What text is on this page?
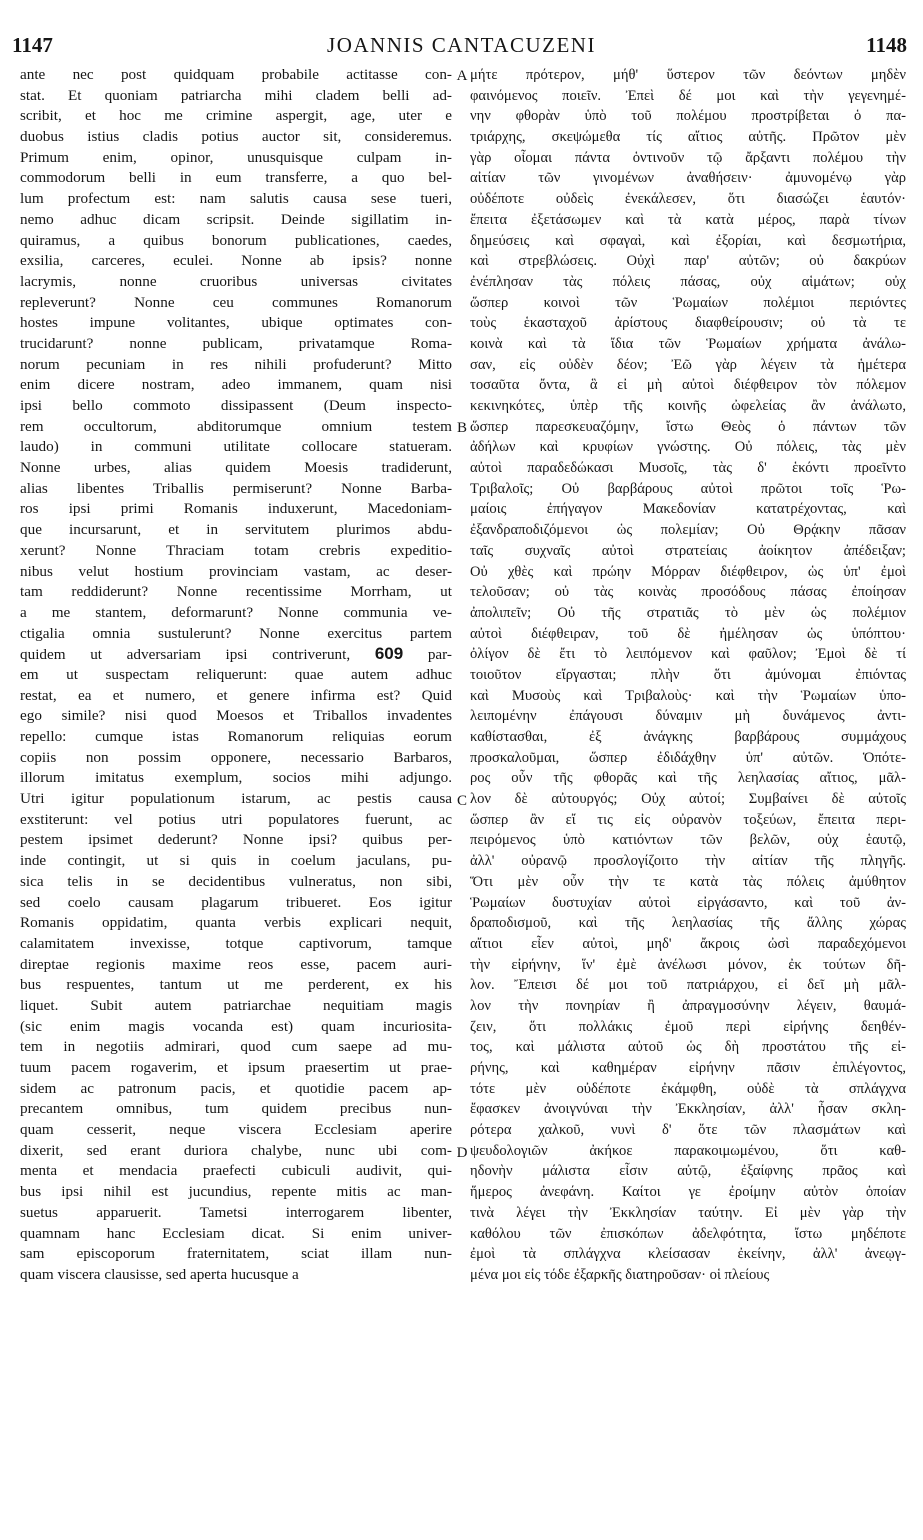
1147	JOANNIS CANTACUZENI	1148
ante nec post quidquam probabile actitasse con-
stat. Et quoniam patriarcha mihi cladem belli ad-
scribit, et hoc me crimine aspergit, age, uter e
duobus istius cladis potius auctor sit, consideremus.
Primum enim, opinor, unusquisque culpam in-
commodorum belli in eum transferre, a quo bel-
lum profectum est: nam salutis causa sese tueri,
nemo adhuc dicam scripsit. Deinde sigillatim in-
quiramus, a quibus bonorum publicationes, caedes,
exsilia, carceres, eculei. Nonne ab ipsis? nonne
lacrymis, nonne cruoribus universas civitates
repleverunt? Nonne ceu communes Romanorum
hostes impune volitantes, ubique optimates con-
trucidarunt? nonne publicam, privatamque Roma-
norum pecuniam in res nihili profuderunt? Mitto
enim dicere nostram, adeo immanem, quam nisi
ipsi bello commoto dissipassent (Deum inspecto-
rem occultorum, abditorumque omnium testem
laudo) in communi utilitate collocare statueram.
Nonne urbes, alias quidem Moesis tradiderunt,
alias libentes Triballis permiserunt? Nonne Barba-
ros ipsi primi Romanis induxerunt, Macedoniam-
que incursarunt, et in servitutem plurimos abdu-
xerunt? Nonne Thraciam totam crebris expeditio-
nibus velut hostium provinciam vastam, ac deser-
tam reddiderunt? Nonne recentissime Morrham, ut
a me stantem, deformarunt? Nonne communia ve-
ctigalia omnia sustulerunt? Nonne exercitus partem
quidem ut adversariam ipsi contriverunt, 609 par-
em ut suspectam reliquerunt: quae autem adhuc
restat, ea et numero, et genere infirma est? Quid
ego simile? nisi quod Moesos et Triballos invadentes
repello: cumque istas Romanorum reliquias eorum
copiis non possim opponere, necessario Barbaros,
illorum imitatus exemplum, socios mihi adjungo.
Utri igitur populationum istarum, ac pestis causa
exstiterunt: vel potius utri populatores fuerunt, ac
pestem ipsimet dederunt? Nonne ipsi? quibus per-
inde contingit, ut si quis in coelum jaculans, pu-
sica telis in se decidentibus vulneratus, non sibi,
sed coelo causam plagarum tribueret. Eos igitur
Romanis oppidatim, quanta verbis explicari nequit,
calamitatem invexisse, totque captivorum, tamque
direptae regionis maxime reos esse, pacem auri-
bus respuentes, tantum ut me perderent, ex his
liquet. Subit autem patriarchae nequitiam magis
(sic enim magis vocanda est) quam incuriosita-
tem in negotiis admirari, quod cum saepe ad mu-
tuum pacem rogaverim, et ipsum praesertim ut prae-
sidem ac patronum pacis, et quotidie pacem ap-
precantem omnibus, tum quidem precibus nun-
quam cesserit, neque viscera Ecclesiam aperire
dixerit, sed erant duriora chalybe, nunc ubi com-
menta et mendacia praefecti cubiculi audivit, qui-
bus ipsi nihil est jucundius, repente mitis ac man-
suetus apparuerit. Tametsi interrogarem libenter,
quamnam hanc Ecclesiam dicat. Si enim univer-
sam episcoporum fraternitatem, sciat illam nun-
quam viscera clausisse, sed aperta hucusque a
μήτε πρότερον, μήθ' ὕστερον τῶν δεόντων μηδὲν
φαινόμενος ποιεῖν. Ἐπεὶ δέ μοι καὶ τὴν γεγενημέ-
νην φθορὰν ὑπὸ τοῦ πολέμου προστρίβεται ὁ πα-
τριάρχης, σκεψώμεθα τίς αἴτιος αὐτῆς. Πρῶτον μὲν
γὰρ οἶομαι πάντα ὁντινοῦν τῷ ἄρξαντι πολέμου τὴν
αἰτίαν τῶν γινομένων ἀναθήσειν· ἀμυνομένῳ γὰρ
οὐδέποτε οὐδεὶς ἐνεκάλεσεν, ὅτι διασώζει ἑαυτόν·
ἔπειτα ἐξετάσωμεν καὶ τὰ κατὰ μέρος, παρὰ τίνων
δημεύσεις καὶ σφαγαὶ, καὶ ἐξορίαι, καὶ δεσμωτήρια,
καὶ στρεβλώσεις. Οὐχὶ παρ' αὐτῶν; οὐ δακρύων
ἐνέπλησαν τὰς πόλεις πάσας, οὐχ αἱμάτων; οὐχ
ὥσπερ κοινοὶ τῶν Ῥωμαίων πολέμιοι περιόντες
τοὺς ἑκασταχοῦ ἀρίστους διαφθείρουσιν; οὐ τὰ τε
κοινὰ καὶ τὰ ἴδια τῶν Ῥωμαίων χρήματα ἀνάλω-
σαν, εἰς οὐδὲν δέον; Ἐῶ γὰρ λέγειν τὰ ἡμέτερα
τοσαῦτα ὄντα, ἃ εἰ μὴ αὐτοὶ διέφθειρον τὸν πόλεμον
κεκινηκότες, ὑπὲρ τῆς κοινῆς ὠφελείας ἂν ἀνάλωτο,
ὥσπερ παρεσκευαζόμην, ἴστω Θεὸς ὁ πάντων τῶν
ἀδήλων καὶ κρυφίων γνώστης. Οὐ πόλεις, τὰς μὲν
αὐτοὶ παραδεδώκασι Μυσοῖς, τὰς δ' ἑκόντι προεῖντο
Τριβαλοῖς; Οὐ βαρβάρους αὐτοὶ πρῶτοι τοῖς Ῥω-
μαίοις ἐπήγαγον Μακεδονίαν κατατρέχοντας, καὶ
ἐξανδραποδιζόμενοι ὡς πολεμίαν; Οὐ Θρᾴκην πᾶσαν
ταῖς συχναῖς αὐτοὶ στρατείαις ἀοίκητον ἀπέδειξαν;
Οὐ χθὲς καὶ πρώην Μόρραν διέφθειρον, ὡς ὑπ' ἐμοὶ
τελοῦσαν; οὐ τὰς κοινὰς προσόδους πάσας ἐποίησαν
ἀπολιπεῖν; Οὐ τῆς στρατιᾶς τὸ μὲν ὡς πολέμιον
αὐτοὶ διέφθειραν, τοῦ δὲ ἠμέλησαν ὡς ὑπόπτου·
ὀλίγον δὲ ἔτι τὸ λειπόμενον καὶ φαῦλον; Ἐμοὶ δὲ τί
τοιοῦτον εἴργασται; πλὴν ὅτι ἀμύνομαι ἐπιόντας
καὶ Μυσοὺς καὶ Τριβαλοὺς· καὶ τὴν Ῥωμαίων ὑπο-
λειπομένην ἐπάγουσι δύναμιν μὴ δυνάμενος ἀντι-
καθίστασθαι, ἐξ ἀνάγκης βαρβάρους συμμάχους
προσκαλοῦμαι, ὥσπερ ἐδιδάχθην ὑπ' αὐτῶν. Ὁπότε-
ρος οὖν τῆς φθορᾶς καὶ τῆς λεηλασίας αἴτιος, μᾶλ-
λον δὲ αὐτουργός; Οὐχ αὐτοί; Συμβαίνει δὲ αὐτοῖς
ὥσπερ ἂν εἴ τις εἰς οὐρανὸν τοξεύων, ἔπειτα περι-
πειρόμενος ὑπὸ κατιόντων τῶν βελῶν, οὐχ ἑαυτῷ,
ἀλλ' οὐρανῷ προσλογίζοιτο τὴν αἰτίαν τῆς πληγῆς.
Ὅτι μὲν οὖν τὴν τε κατὰ τὰς πόλεις ἀμύθητον
Ῥωμαίων δυστυχίαν αὐτοὶ εἰργάσαντο, καὶ τοῦ ἀν-
δραποδισμοῦ, καὶ τῆς λεηλασίας τῆς ἄλλης χώρας
αἴτιοι εἶεν αὐτοὶ, μηδ' ἄκροις ὠσὶ παραδεχόμενοι
τὴν εἰρήνην, ἵν' ἐμὲ ἀνέλωσι μόνον, ἐκ τούτων δῆ-
λον. Ἔπεισι δέ μοι τοῦ πατριάρχου, εἰ δεῖ μὴ μᾶλ-
λον τὴν πονηρίαν ἢ ἀπραγμοσύνην λέγειν, θαυμά-
ζειν, ὅτι πολλάκις ἐμοῦ περὶ εἰρήνης δεηθέν-
τος, καὶ μάλιστα αὐτοῦ ὡς δὴ προστάτου τῆς εἰ-
ρήνης, καὶ καθημέραν εἰρήνην πᾶσιν ἐπιλέγοντος,
τότε μὲν οὐδέποτε ἐκάμφθη, οὐδὲ τὰ σπλάγχνα
ἔφασκεν ἀνοιγνύναι τὴν Ἐκκλησίαν, ἀλλ' ἦσαν σκλη-
ρότερα χαλκοῦ, νυνὶ δ' ὅτε τῶν πλασμάτων καὶ
ψευδολογιῶν ἀκήκοε παρακοιμωμένου, ὅτι καθ-
ηδονὴν μάλιστα εἶσιν αὐτῷ, ἐξαίφνης πρᾶος καὶ
ἥμερος ἀνεφάνη. Καίτοι γε ἐροίμην αὐτὸν ὁποίαν
τινὰ λέγει τὴν Ἐκκλησίαν ταύτην. Εἰ μὲν γὰρ τὴν
καθόλου τῶν ἐπισκόπων ἀδελφότητα, ἴστω μηδέποτε
ἐμοὶ τὰ σπλάγχνα κλείσασαν ἐκείνην, ἀλλ' ἀνεῳγ-
μένα μοι εἰς τόδε ἐξαρκῆς διατηροῦσαν· οἱ πλείους
A
B
C
D
